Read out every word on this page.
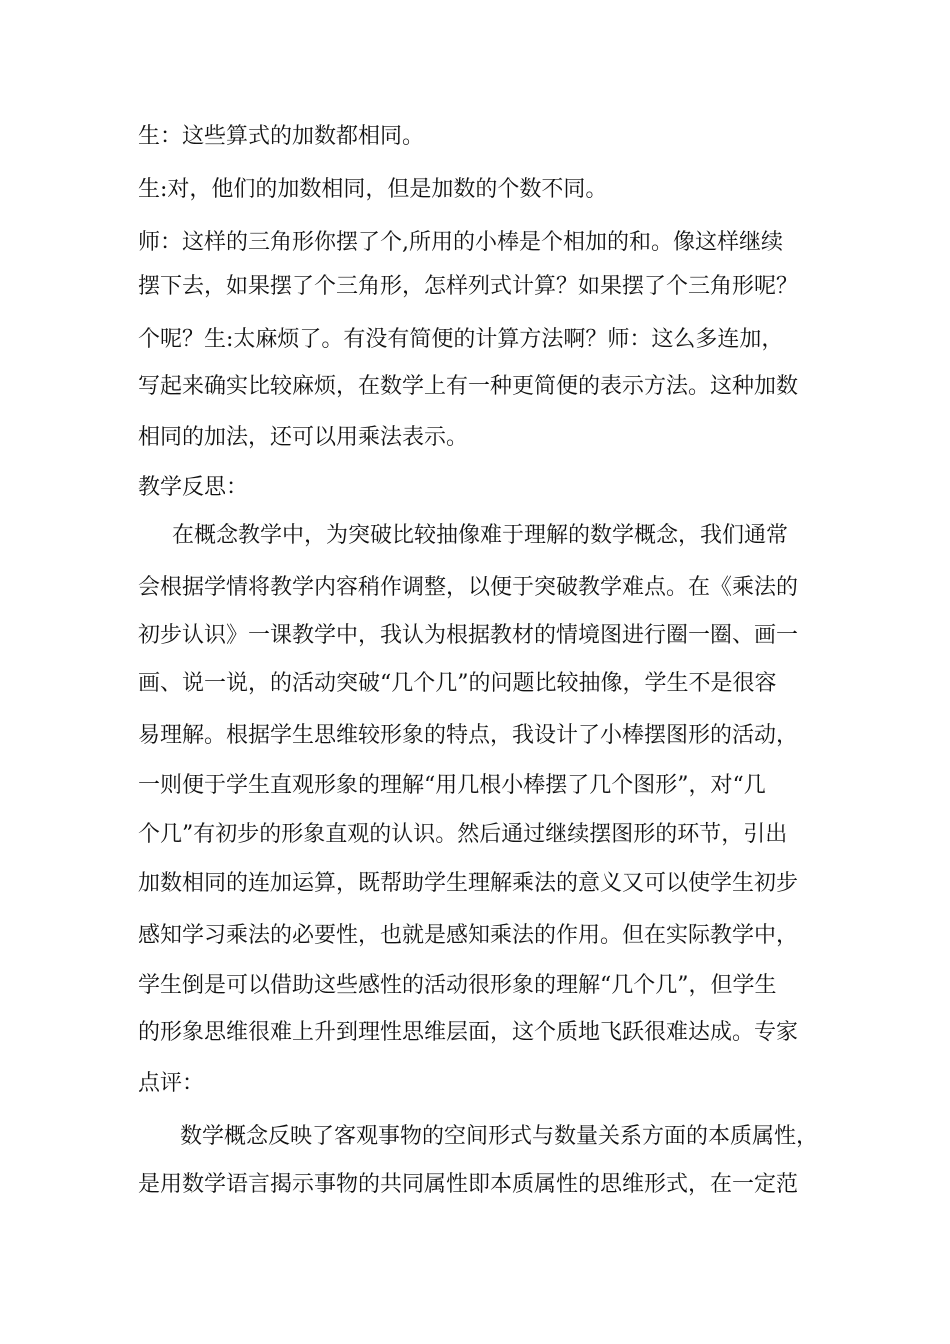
生：这些算式的加数都相同。
生:对，他们的加数相同，但是加数的个数不同。
师：这样的三角形你摆了个,所用的小棒是个相加的和。像这样继续
摆下去，如果摆了个三角形，怎样列式计算？如果摆了个三角形呢？
个呢？生:太麻烦了。有没有简便的计算方法啊？师：这么多连加，
写起来确实比较麻烦，在数学上有一种更简便的表示方法。这种加数
相同的加法，还可以用乘法表示。
教学反思：
在概念教学中，为突破比较抽像难于理解的数学概念，我们通常
会根据学情将教学内容稍作调整，以便于突破教学难点。在《乘法的
初步认识》一课教学中，我认为根据教材的情境图进行圈一圈、画一
画、说一说，的活动突破“几个几”的问题比较抽像，学生不是很容
易理解。根据学生思维较形象的特点，我设计了小棒摆图形的活动，
一则便于学生直观形象的理解“用几根小棒摆了几个图形”，对“几
个几”有初步的形象直观的认识。然后通过继续摆图形的环节，引出
加数相同的连加运算，既帮助学生理解乘法的意义又可以使学生初步
感知学习乘法的必要性，也就是感知乘法的作用。但在实际教学中，
学生倒是可以借助这些感性的活动很形象的理解“几个几”，但学生
的形象思维很难上升到理性思维层面，这个质地飞跃很难达成。专家
点评：
数学概念反映了客观事物的空间形式与数量关系方面的本质属性，
是用数学语言揭示事物的共同属性即本质属性的思维形式，在一定范
